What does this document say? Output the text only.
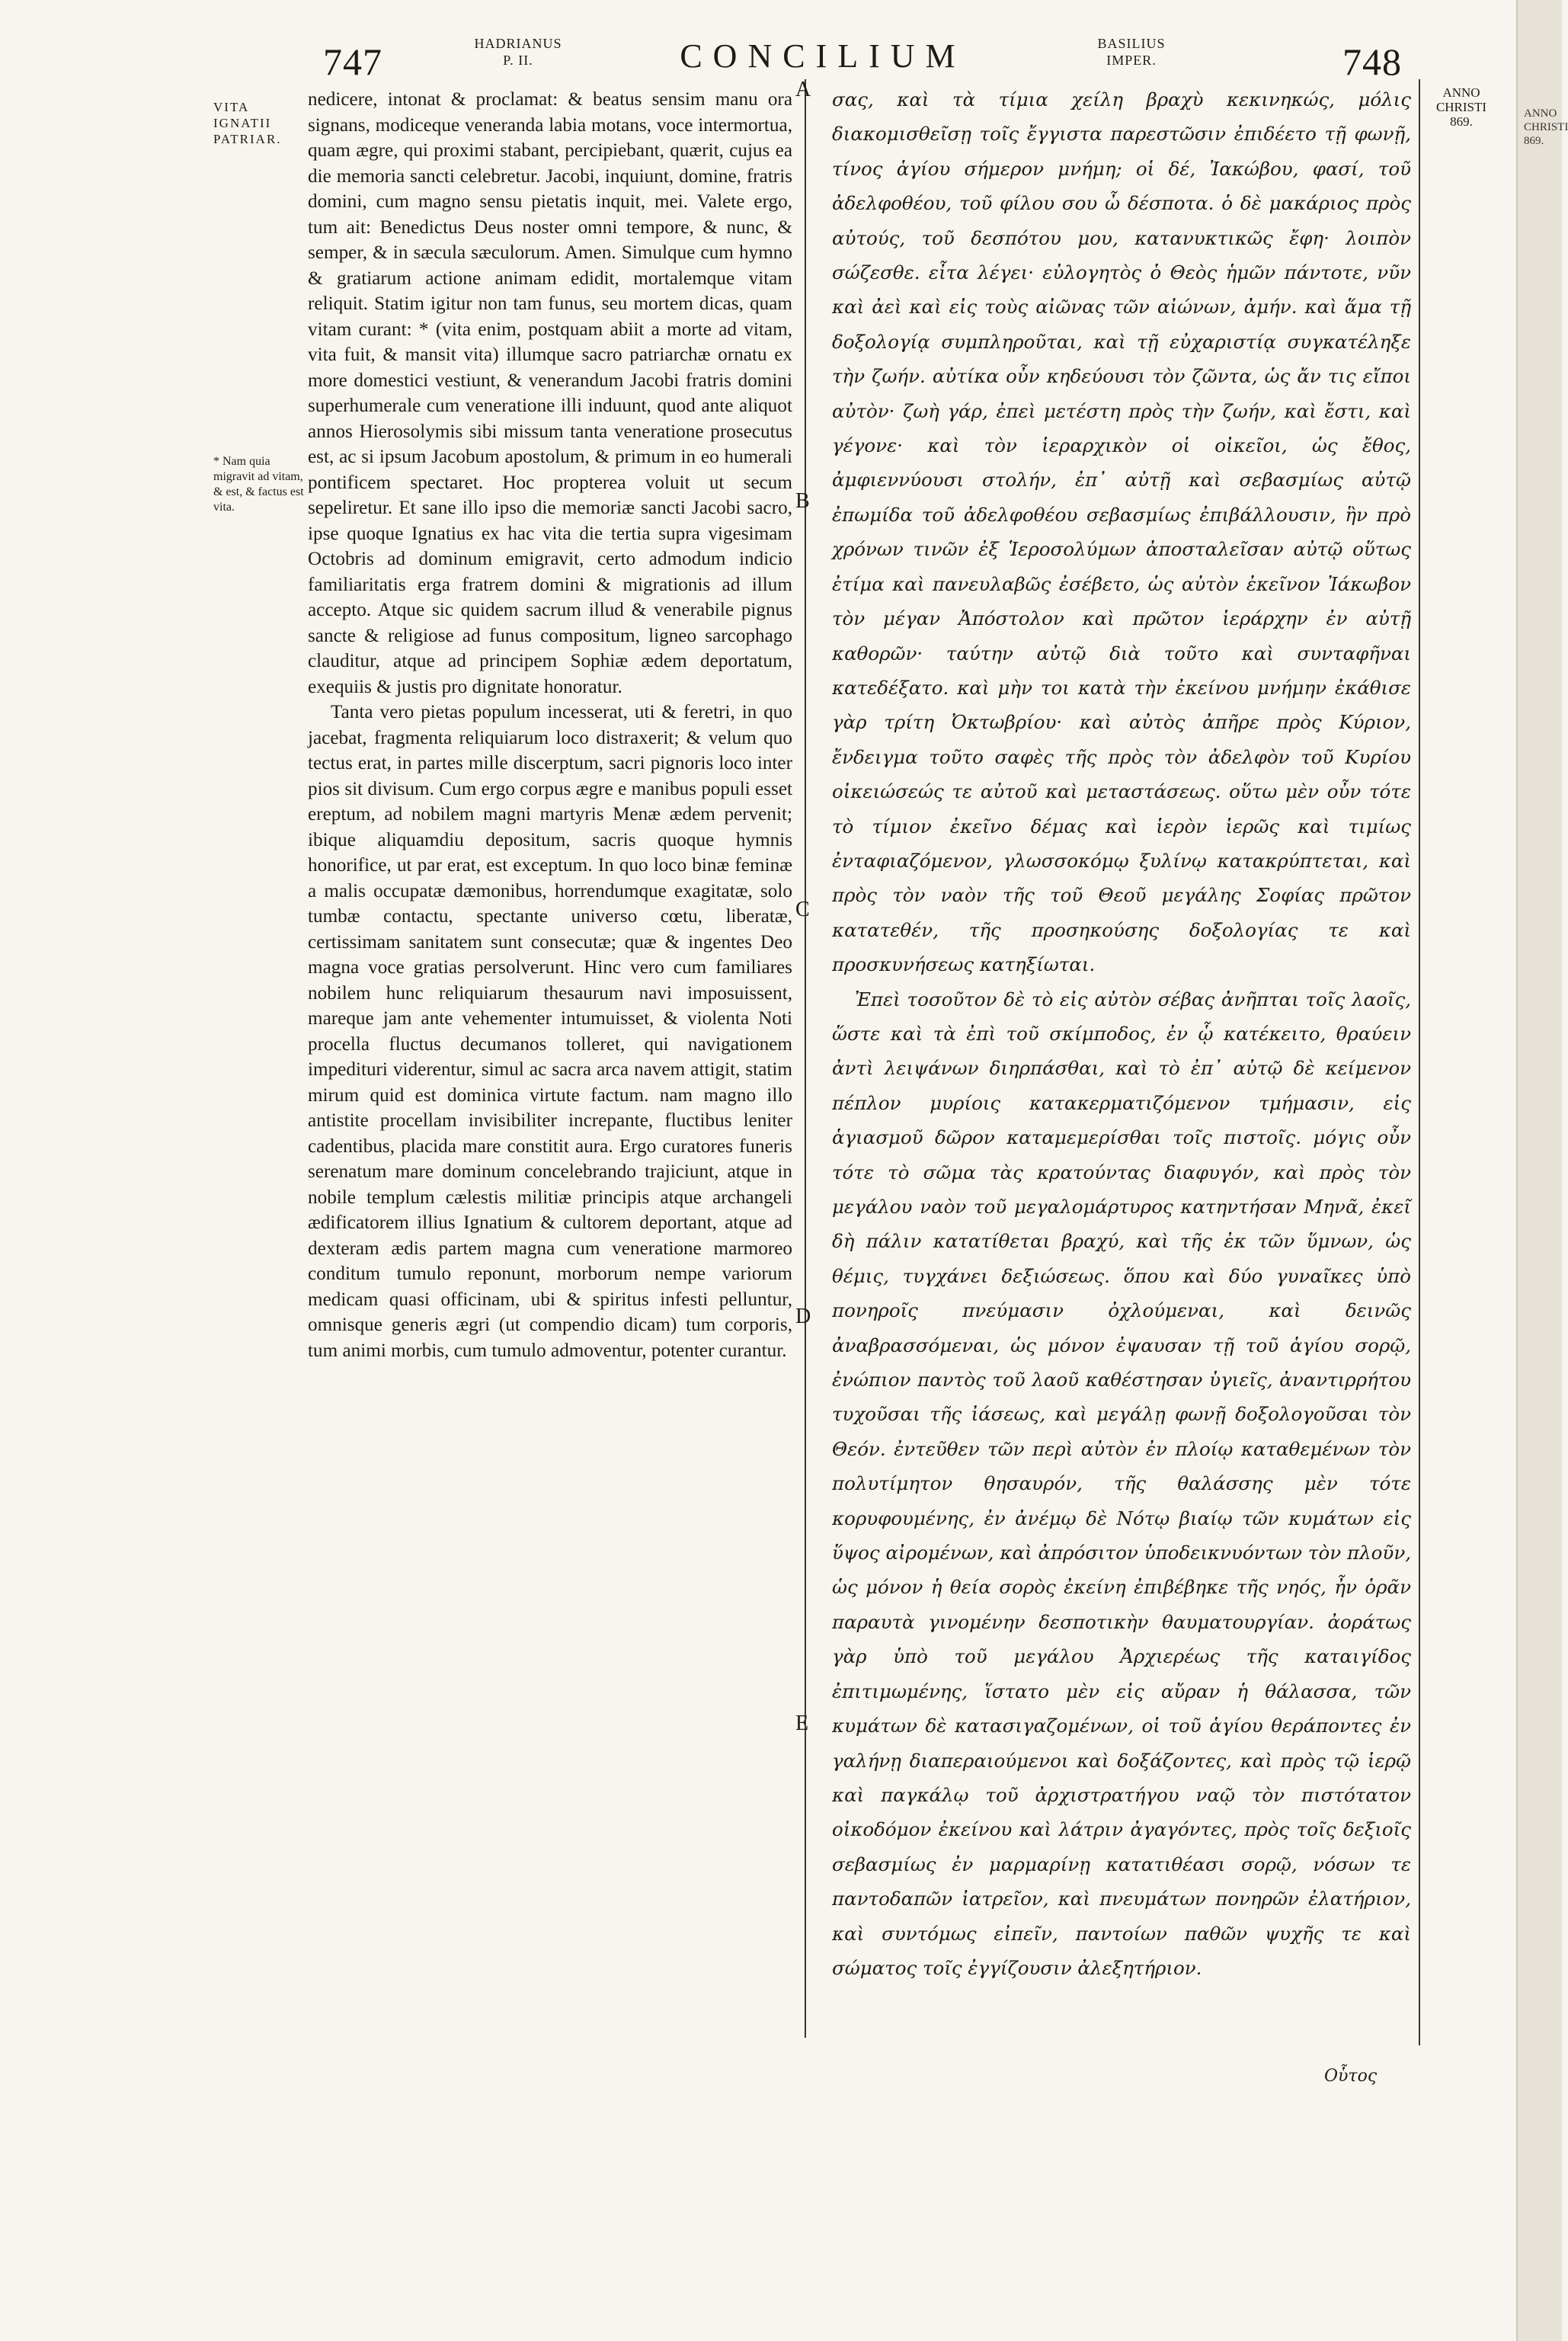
ANNO CHRISTI 869.
747	HADRIANUS P. II.	CONCILIUM	BASILIUS IMPER.	748
ANNO
CHRISTI
869.
VITA IGNATII PATRIAR.
* Nam quia migravit ad vitam, & est, & factus est vita.

nedicere, intonat & proclamat: & beatus sensim manu ora signans, modiceque veneranda labia motans, voce intermortua, quam ægre, qui proximi stabant, percipiebant, quærit, cujus ea die memoria sancti celebretur. Jacobi, inquiunt, domine, fratris domini, cum magno sensu pietatis inquit, mei. Valete ergo, tum ait: Benedictus Deus noster omni tempore, & nunc, & semper, & in sæcula sæculorum. Amen. Simulque cum hymno & gratiarum actione animam edidit, mortalemque vitam reliquit. Statim igitur non tam funus, seu mortem dicas, quam vitam curant: * (vita enim, postquam abiit a morte ad vitam, vita fuit, & mansit vita) illumque sacro patriarchæ ornatu ex more domestici vestiunt, & venerandum Jacobi fratris domini superhumerale cum veneratione illi induunt, quod ante aliquot annos Hierosolymis sibi missum tanta veneratione prosecutus est, ac si ipsum Jacobum apostolum, & primum in eo humerali pontificem spectaret. Hoc propterea voluit ut secum sepeliretur. Et sane illo ipso die memoriæ sancti Jacobi sacro, ipse quoque Ignatius ex hac vita die tertia supra vigesimam Octobris ad dominum emigravit, certo admodum indicio familiaritatis erga fratrem domini & migrationis ad illum accepto. Atque sic quidem sacrum illud & venerabile pignus sancte & religiose ad funus compositum, ligneo sarcophago clauditur, atque ad principem Sophiæ ædem deportatum, exequiis & justis pro dignitate honoratur.

Tanta vero pietas populum incesserat, uti & feretri, in quo jacebat, fragmenta reliquiarum loco distraxerit; & velum quo tectus erat, in partes mille discerptum, sacri pignoris loco inter pios sit divisum. Cum ergo corpus ægre e manibus populi esset ereptum, ad nobilem magni martyris Menæ ædem pervenit; ibique aliquamdiu depositum, sacris quoque hymnis honorifice, ut par erat, est exceptum. In quo loco binæ feminæ a malis occupatæ dæmonibus, horrendumque exagitatæ, solo tumbæ contactu, spectante universo cœtu, liberatæ, certissimam sanitatem sunt consecutæ; quæ & ingentes Deo magna voce gratias persolverunt. Hinc vero cum familiares nobilem hunc reliquiarum thesaurum navi imposuissent, mareque jam ante vehementer intumuisset, & violenta Noti procella fluctus decumanos tolleret, qui navigationem impedituri viderentur, simul ac sacra arca navem attigit, statim mirum quid est dominica virtute factum. nam magno illo antistite procellam invisibiliter increpante, fluctibus leniter cadentibus, placida mare constitit aura. Ergo curatores funeris serenatum mare dominum concelebrando trajiciunt, atque in nobile templum cælestis militiæ principis atque archangeli ædificatorem illius Ignatium & cultorem deportant, atque ad dexteram ædis partem magna cum veneratione marmoreo conditum tumulo reponunt, morborum nempe variorum medicam quasi officinam, ubi & spiritus infesti pelluntur, omnisque generis ægri (ut compendio dicam) tum corporis, tum animi morbis, cum tumulo admoventur, potenter curantur.

A
B
C
D
E

σας, καὶ τὰ τίμια χείλη βραχὺ κεκινηκώς, μόλις διακομισθεῖσῃ τοῖς ἔγγιστα παρεστῶσιν ἐπιδέετο τῇ φωνῇ, τίνος ἁγίου σήμερον μνήμη; οἱ δέ, Ἰακώβου, φασί, τοῦ ἀδελφοθέου, τοῦ φίλου σου ὦ δέσποτα. ὁ δὲ μακάριος πρὸς αὐτούς, τοῦ δεσπότου μου, κατανυκτικῶς ἔφη· λοιπὸν σώζεσθε. εἶτα λέγει· εὐλογητὸς ὁ Θεὸς ἡμῶν πάντοτε, νῦν καὶ ἀεὶ καὶ εἰς τοὺς αἰῶνας τῶν αἰώνων, ἀμήν. καὶ ἅμα τῇ δοξολογίᾳ συμπληροῦται, καὶ τῇ εὐχαριστίᾳ συγκατέληξε τὴν ζωήν. αὐτίκα οὖν κηδεύουσι τὸν ζῶντα, ὡς ἄν τις εἴποι αὐτὸν· ζωὴ γάρ, ἐπεὶ μετέστη πρὸς τὴν ζωήν, καὶ ἔστι, καὶ γέγονε· καὶ τὸν ἱεραρχικὸν οἱ οἰκεῖοι, ὡς ἔθος, ἀμφιεννύουσι στολήν, ἐπ᾽ αὐτῇ καὶ σεβασμίως αὐτῷ ἐπωμίδα τοῦ ἀδελφοθέου σεβασμίως ἐπιβάλλουσιν, ἣν πρὸ χρόνων τινῶν ἐξ Ἱεροσολύμων ἀποσταλεῖσαν αὐτῷ οὕτως ἐτίμα καὶ πανευλαβῶς ἐσέβετο, ὡς αὐτὸν ἐκεῖνον Ἰάκωβον τὸν μέγαν Ἀπόστολον καὶ πρῶτον ἱεράρχην ἐν αὐτῇ καθορῶν· ταύτην αὐτῷ διὰ τοῦτο καὶ συνταφῆναι κατεδέξατο. καὶ μὴν τοι κατὰ τὴν ἐκείνου μνήμην ἐκάθισε γὰρ τρίτη Ὀκτωβρίου· καὶ αὐτὸς ἀπῆρε πρὸς Κύριον, ἔνδειγμα τοῦτο σαφὲς τῆς πρὸς τὸν ἀδελφὸν τοῦ Κυρίου οἰκειώσεώς τε αὐτοῦ καὶ μεταστάσεως. οὕτω μὲν οὖν τότε τὸ τίμιον ἐκεῖνο δέμας καὶ ἱερὸν ἱερῶς καὶ τιμίως ἐνταφιαζόμενον, γλωσσοκόμῳ ξυλίνῳ κατακρύπτεται, καὶ πρὸς τὸν ναὸν τῆς τοῦ Θεοῦ μεγάλης Σοφίας πρῶτον κατατεθέν, τῆς προσηκούσης δοξολογίας τε καὶ προσκυνήσεως κατηξίωται.

Ἐπεὶ τοσοῦτον δὲ τὸ εἰς αὐτὸν σέβας ἀνῆπται τοῖς λαοῖς, ὥστε καὶ τὰ ἐπὶ τοῦ σκίμποδος, ἐν ᾧ κατέκειτο, θραύειν ἀντὶ λειψάνων διηρπάσθαι, καὶ τὸ ἐπ᾽ αὐτῷ δὲ κείμενον πέπλον μυρίοις κατακερματιζόμενον τμήμασιν, εἰς ἁγιασμοῦ δῶρον καταμεμερίσθαι τοῖς πιστοῖς. μόγις οὖν τότε τὸ σῶμα τὰς κρατούντας διαφυγόν, καὶ πρὸς τὸν μεγάλου ναὸν τοῦ μεγαλομάρτυρος κατηντήσαν Μηνᾶ, ἐκεῖ δὴ πάλιν κατατίθεται βραχύ, καὶ τῆς ἐκ τῶν ὕμνων, ὡς θέμις, τυγχάνει δεξιώσεως. ὅπου καὶ δύο γυναῖκες ὑπὸ πονηροῖς πνεύμασιν ὀχλούμεναι, καὶ δεινῶς ἀναβρασσόμεναι, ὡς μόνον ἐψαυσαν τῇ τοῦ ἁγίου σορῷ, ἐνώπιον παντὸς τοῦ λαοῦ καθέστησαν ὑγιεῖς, ἀναντιρρήτου τυχοῦσαι τῆς ἰάσεως, καὶ μεγάλῃ φωνῇ δοξολογοῦσαι τὸν Θεόν. ἐντεῦθεν τῶν περὶ αὐτὸν ἐν πλοίῳ καταθεμένων τὸν πολυτίμητον θησαυρόν, τῆς θαλάσσης μὲν τότε κορυφουμένης, ἐν ἀνέμῳ δὲ Νότῳ βιαίῳ τῶν κυμάτων εἰς ὕψος αἰρομένων, καὶ ἀπρόσιτον ὑποδεικνυόντων τὸν πλοῦν, ὡς μόνον ἡ θεία σορὸς ἐκείνη ἐπιβέβηκε τῆς νηός, ἦν ὁρᾶν παραυτὰ γινομένην δεσποτικὴν θαυματουργίαν. ἀοράτως γὰρ ὑπὸ τοῦ μεγάλου Ἀρχιερέως τῆς καταιγίδος ἐπιτιμωμένης, ἵστατο μὲν εἰς αὔραν ἡ θάλασσα, τῶν κυμάτων δὲ κατασιγαζομένων, οἱ τοῦ ἁγίου θεράποντες ἐν γαλήνῃ διαπεραιούμενοι καὶ δοξάζοντες, καὶ πρὸς τῷ ἱερῷ καὶ παγκάλῳ τοῦ ἀρχιστρατήγου ναῷ τὸν πιστότατον οἰκοδόμον ἐκείνου καὶ λάτριν ἀγαγόντες, πρὸς τοῖς δεξιοῖς σεβασμίως ἐν μαρμαρίνῃ κατατιθέασι σορῷ, νόσων τε παντοδαπῶν ἰατρεῖον, καὶ πνευμάτων πονηρῶν ἐλατήριον, καὶ συντόμως εἰπεῖν, παντοίων παθῶν ψυχῆς τε καὶ σώματος τοῖς ἐγγίζουσιν ἀλεξητήριον.

Οὗτος
